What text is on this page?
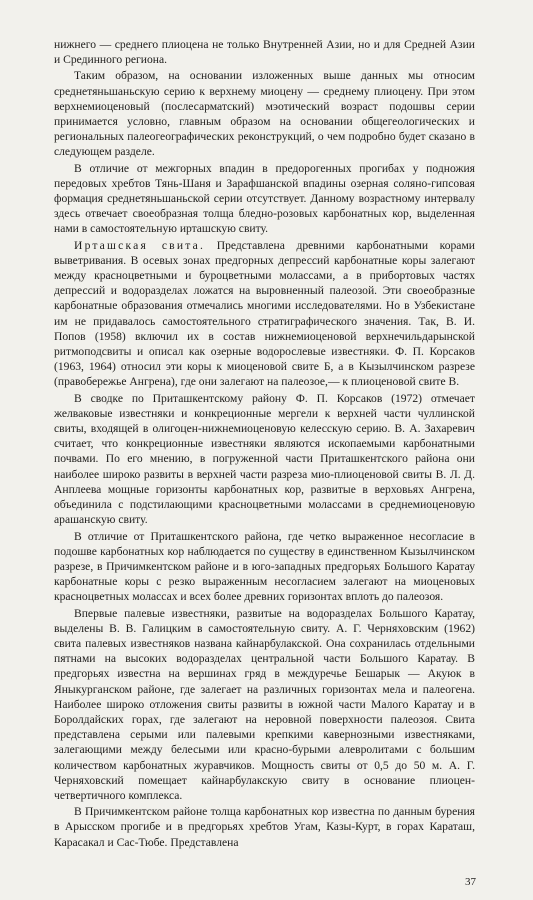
нижнего — среднего плиоцена не только Внутренней Азии, но и для Средней Азии и Срединного региона.

Таким образом, на основании изложенных выше данных мы относим среднетяньшаньскую серию к верхнему миоцену — среднему плиоцену. При этом верхнемиоценовый (послесарматский) мэотический возраст подошвы серии принимается условно, главным образом на основании общегеологических и региональных палеогеографических реконструкций, о чем подробно будет сказано в следующем разделе.

В отличие от межгорных впадин в предорогенных прогибах у подножия передовых хребтов Тянь-Шаня и Зарафшанской впадины озерная соляно-гипсовая формация среднетяньшаньской серии отсутствует. Данному возрастному интервалу здесь отвечает своеобразная толща бледно-розовых карбонатных кор, выделенная нами в самостоятельную иртaшскую свиту.

Иртaшская свита. Представлена древними карбонатными корами выветривания. В осевых зонах предгорных депрессий карбонатные коры залегают между красноцветными и буроцветными молассами, а в прибортовых частях депрессий и водоразделах ложатся на выровненный палеозой. Эти своеобразные карбонатные образования отмечались многими исследователями. Но в Узбекистане им не придавалось самостоятельного стратиграфического значения. Так, В. И. Попов (1958) включил их в состав нижнемиоценовой верхнечильдарынской ритмоподсвиты и описал как озерные водорослевые известняки. Ф. П. Корсаков (1963, 1964) относил эти коры к миоценовой свите Б, а в Кызылчинском разрезе (правобережье Ангрена), где они залегают на палеозое,— к плиоценовой свите В.

В сводке по Приташкентскому району Ф. П. Корсаков (1972) отмечает желваковые известняки и конкреционные мергели к верхней части чуллинской свиты, входящей в олигоцен-нижнемиоценовую келесскую серию. В. А. Захаревич считает, что конкреционные известняки являются ископаемыми карбонатными почвами. По его мнению, в погруженной части Приташкентского района они наиболее широко развиты в верхней части разреза мио-плиоценовой свиты В. Л. Д. Анплеева мощные горизонты карбонатных кор, развитые в верховьях Ангрена, объединила с подстилающими красноцветными молассами в среднемиоценовую арашанскую свиту.

В отличие от Приташкентского района, где четко выраженное несогласие в подошве карбонатных кор наблюдается по существу в единственном Кызылчинском разрезе, в Причимкентском районе и в юго-западных предгорьях Большого Каратау карбонатные коры с резко выраженным несогласием залегают на миоценовых красноцветных молассах и всех более древних горизонтах вплоть до палеозоя.

Впервые палевые известняки, развитые на водоразделах Большого Каратау, выделены В. В. Галицким в самостоятельную свиту. А. Г. Черняховским (1962) свита палевых известняков названа кайнарбулакской. Она сохранилась отдельными пятнами на высоких водоразделах центральной части Большого Каратау. В предгорьях известна на вершинах гряд в междуречье Бешарык — Акуюк в Яныкурганском районе, где залегает на различных горизонтах мела и палеогена. Наиболее широко отложения свиты развиты в южной части Малого Каратау и в Боролдайских горах, где залегают на неровной поверхности палеозоя. Свита представлена серыми или палевыми крепкими кавернозными известняками, залегающими между белесыми или красно-бурыми алевролитами с большим количеством карбонатных журавчиков. Мощность свиты от 0,5 до 50 м. А. Г. Черняховский помещает кайнарбулакскую свиту в основание плиоцен-четвертичного комплекса.

В Причимкентском районе толща карбонатных кор известна по данным бурения в Арысском прогибе и в предгорьях хребтов Угам, Казы-Курт, в горах Караташ, Карасакал и Сас-Тюбе. Представлена

37
